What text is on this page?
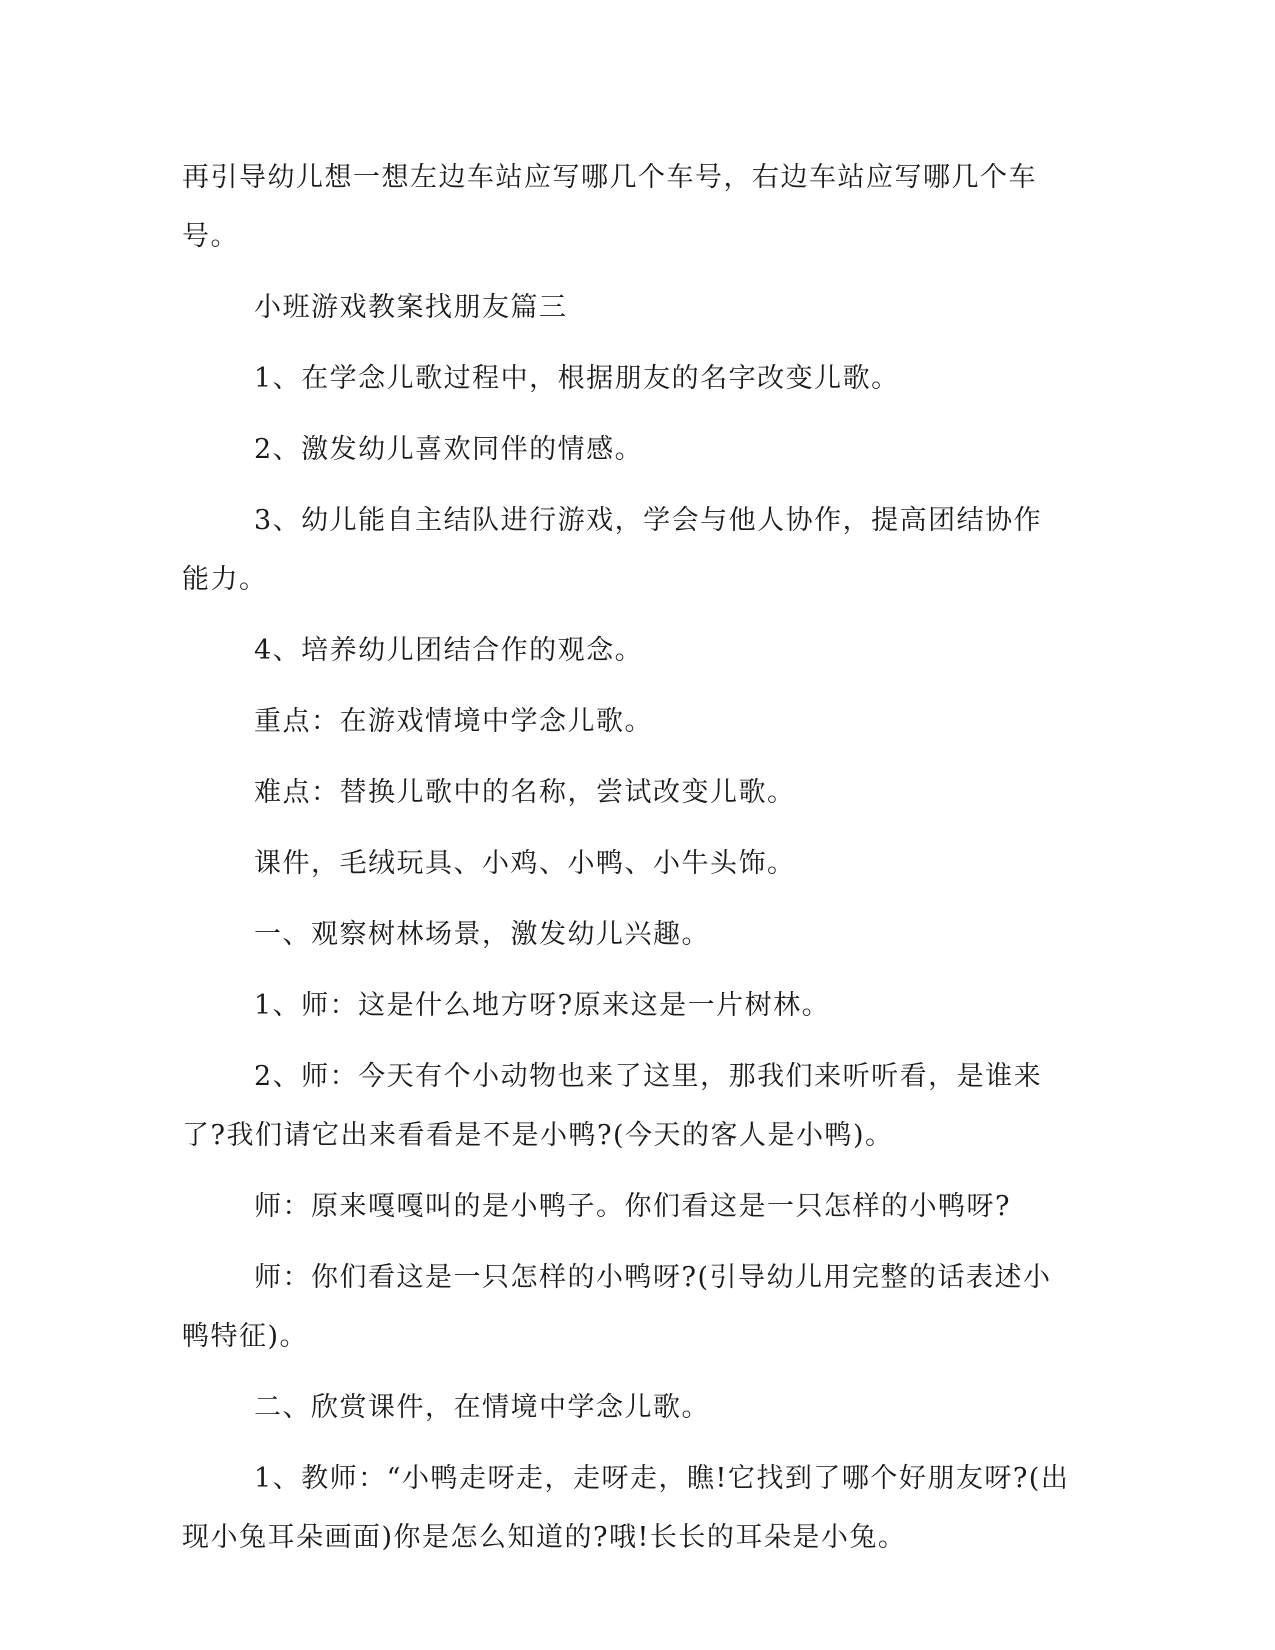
再引导幼儿想一想左边车站应写哪几个车号，右边车站应写哪几个车

号。

小班游戏教案找朋友篇三

1、在学念儿歌过程中，根据朋友的名字改变儿歌。

2、激发幼儿喜欢同伴的情感。

3、幼儿能自主结队进行游戏，学会与他人协作，提高团结协作

能力。

4、培养幼儿团结合作的观念。

重点：在游戏情境中学念儿歌。

难点：替换儿歌中的名称，尝试改变儿歌。

课件，毛绒玩具、小鸡、小鸭、小牛头饰。

一、观察树林场景，激发幼儿兴趣。

1、师：这是什么地方呀?原来这是一片树林。

2、师：今天有个小动物也来了这里，那我们来听听看，是谁来

了?我们请它出来看看是不是小鸭?(今天的客人是小鸭)。

师：原来嘎嘎叫的是小鸭子。你们看这是一只怎样的小鸭呀?

师：你们看这是一只怎样的小鸭呀?(引导幼儿用完整的话表述小

鸭特征)。

二、欣赏课件，在情境中学念儿歌。

1、教师：“小鸭走呀走，走呀走，瞧!它找到了哪个好朋友呀?(出

现小兔耳朵画面)你是怎么知道的?哦!长长的耳朵是小兔。
